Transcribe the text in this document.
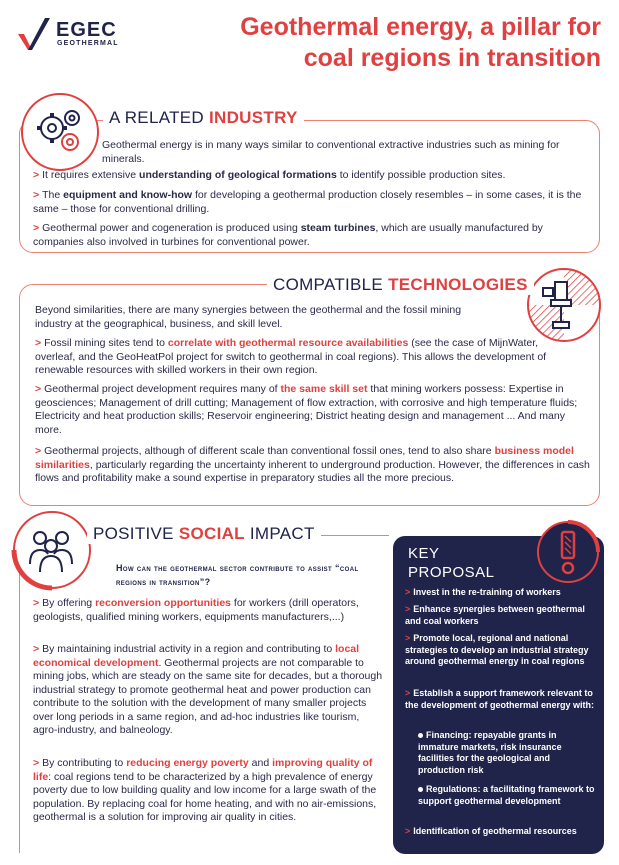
EGEC
GEOTHERMAL
Geothermal energy, a pillar for
coal regions in transition
A RELATED INDUSTRY
Geothermal energy is in many ways similar to conventional extractive industries such as mining for minerals.
> It requires extensive understanding of geological formations to identify possible production sites.
> The equipment and know-how for developing a geothermal production closely resembles – in some cases, it is the same – those for conventional drilling.
> Geothermal power and cogeneration is produced using steam turbines, which are usually manufactured by companies also involved in turbines for conventional power.
COMPATIBLE TECHNOLOGIES
Beyond similarities, there are many synergies between the geothermal and the fossil mining industry at the geographical, business, and skill level.
> Fossil mining sites tend to correlate with geothermal resource availabilities (see the case of MijnWater, overleaf, and the GeoHeatPol project for switch to geothermal in coal regions). This allows the development of renewable resources with skilled workers in their own region.
> Geothermal project development requires many of the same skill set that mining workers possess: Expertise in geosciences; Management of drill cutting; Management of flow extraction, with corrosive and high temperature fluids; Electricity and heat production skills; Reservoir engineering; District heating design and management ... And many more.
> Geothermal projects, although of different scale than conventional fossil ones, tend to also share business model similarities, particularly regarding the uncertainty inherent to underground production. However, the differences in cash flows and profitability make a sound expertise in preparatory studies all the more precious.
POSITIVE SOCIAL IMPACT
How can the geothermal sector contribute to assist “coal regions in transition”?
> By offering reconversion opportunities for workers (drill operators, geologists, qualified mining workers, equipments manufacturers,...)
> By maintaining industrial activity in a region and contributing to local economical development. Geothermal projects are not comparable to mining jobs, which are steady on the same site for decades, but a thorough industrial strategy to promote geothermal heat and power production can contribute to the solution with the development of many smaller projects over long periods in a same region, and ad-hoc industries like tourism, agro-industry, and balneology.
> By contributing to reducing energy poverty and improving quality of life: coal regions tend to be characterized by a high prevalence of energy poverty due to low building quality and low income for a large swath of the population. By replacing coal for home heating, and with no air-emissions, geothermal is a solution for improving air quality in cities.
KEY
PROPOSAL
> Invest in the re-training of workers
> Enhance synergies between geothermal and coal workers
> Promote local, regional and national strategies to develop an industrial strategy around geothermal energy in coal regions
> Establish a support framework relevant to the development of geothermal energy with:
Financing: repayable grants in immature markets, risk insurance facilities for the geological and production risk
Regulations: a facilitating framework to support geothermal development
> Identification of geothermal resources
